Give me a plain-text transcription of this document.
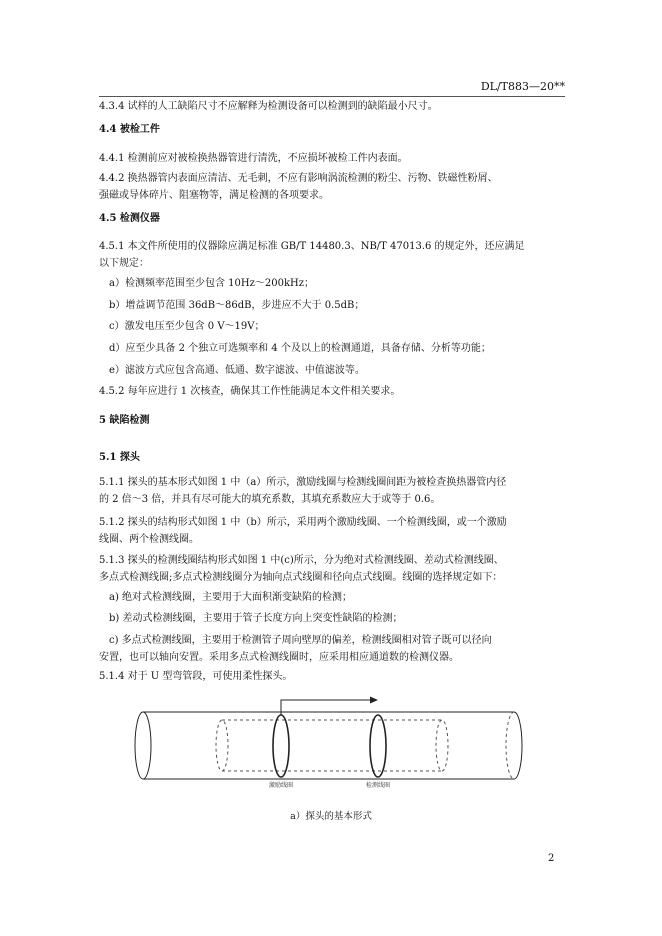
DL/T883—20**
4.3.4 试样的人工缺陷尺寸不应解释为检测设备可以检测到的缺陷最小尺寸。
4.4 被检工件
4.4.1 检测前应对被检换热器管进行清洗，不应损坏被检工件内表面。
4.4.2 换热器管内表面应清洁、无毛刺，不应有影响涡流检测的粉尘、污物、铁磁性粉屑、
强磁或导体碎片、阻塞物等，满足检测的各项要求。
4.5 检测仪器
4.5.1 本文件所使用的仪器除应满足标准 GB/T 14480.3、NB/T 47013.6 的规定外，还应满足
以下规定：
a）检测频率范围至少包含 10Hz～200kHz；
b）增益调节范围 36dB～86dB，步进应不大于 0.5dB；
c）激发电压至少包含 0 V～19V；
d）应至少具备 2 个独立可选频率和 4 个及以上的检测通道，具备存储、分析等功能；
e）滤波方式应包含高通、低通、数字滤波、中值滤波等。
4.5.2 每年应进行 1 次核查，确保其工作性能满足本文件相关要求。
5 缺陷检测
5.1 探头
5.1.1 探头的基本形式如图 1 中（a）所示，激励线圈与检测线圈间距为被检查换热器管内径
的 2 倍～3 倍，并具有尽可能大的填充系数，其填充系数应大于或等于 0.6。
5.1.2 探头的结构形式如图 1 中（b）所示，采用两个激励线圈、一个检测线圈，或一个激励
线圈、两个检测线圈。
5.1.3 探头的检测线圈结构形式如图 1 中(c)所示，分为绝对式检测线圈、差动式检测线圈、
多点式检测线圈;多点式检测线圈分为轴向点式线圈和径向点式线圈。线圈的选择规定如下：
a) 绝对式检测线圈，主要用于大面积渐变缺陷的检测；
b) 差动式检测线圈，主要用于管子长度方向上突变性缺陷的检测；
c) 多点式检测线圈，主要用于检测管子周向壁厚的偏差，检测线圈相对管子既可以径向
安置，也可以轴向安置。采用多点式检测线圈时，应采用相应通道数的检测仪器。
5.1.4 对于 U 型弯管段，可使用柔性探头。
激励线圈	检测线圈
a）探头的基本形式
2
